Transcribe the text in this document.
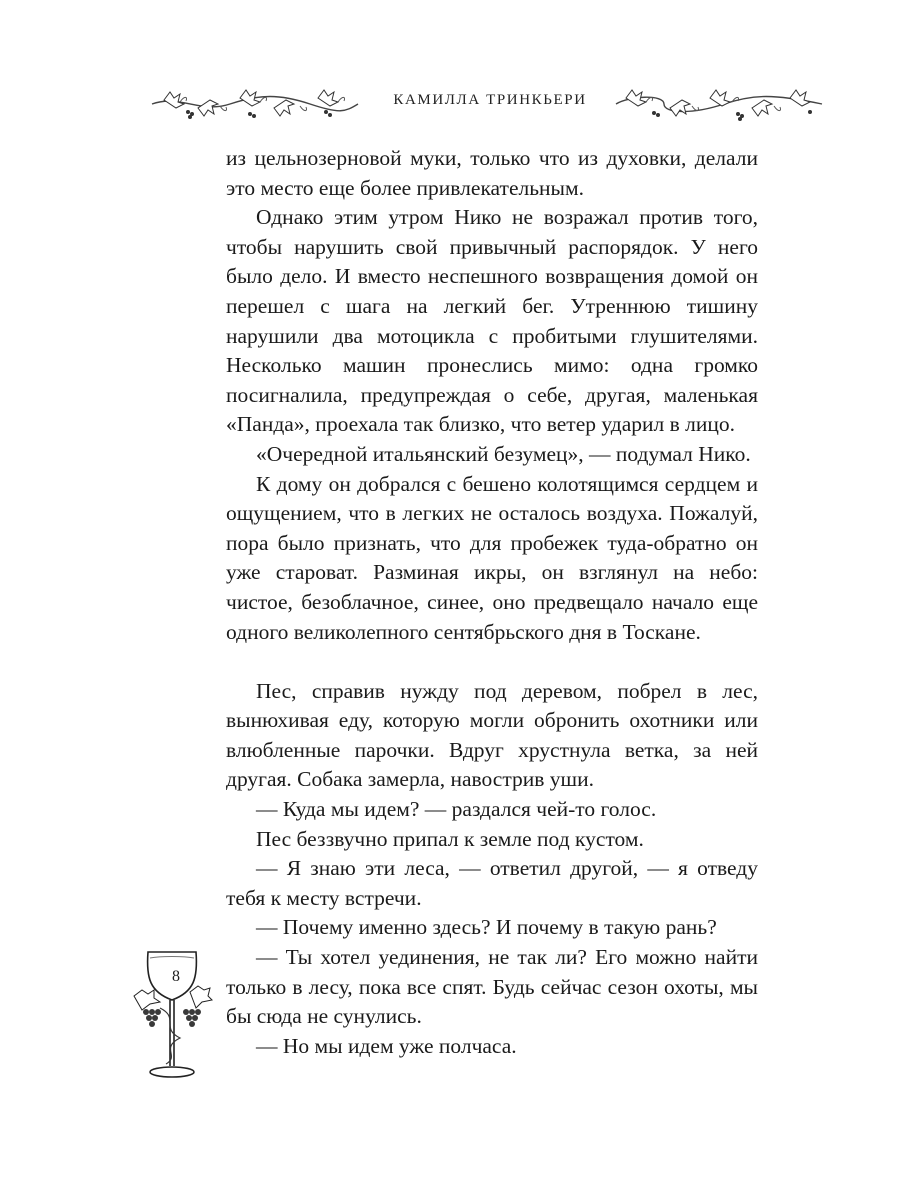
КАМИЛЛА ТРИНКЬЕРИ

из цельнозерновой муки, только что из духовки, делали это место еще более привлекательным.

Однако этим утром Нико не возражал против того, чтобы нарушить свой привычный распорядок. У него было дело. И вместо неспешного возвращения домой он перешел с шага на легкий бег. Утреннюю тишину нарушили два мотоцикла с пробитыми глушителями. Несколько машин пронеслись мимо: одна громко посигналила, предупреждая о себе, другая, маленькая «Панда», проехала так близко, что ветер ударил в лицо.

«Очередной итальянский безумец», — подумал Нико.

К дому он добрался с бешено колотящимся сердцем и ощущением, что в легких не осталось воздуха. Пожалуй, пора было признать, что для пробежек туда-обратно он уже староват. Разминая икры, он взглянул на небо: чистое, безоблачное, синее, оно предвещало начало еще одного великолепного сентябрьского дня в Тоскане.

Пес, справив нужду под деревом, побрел в лес, вынюхивая еду, которую могли обронить охотники или влюбленные парочки. Вдруг хрустнула ветка, за ней другая. Собака замерла, навострив уши.

— Куда мы идем? — раздался чей-то голос.

Пес беззвучно припал к земле под кустом.

— Я знаю эти леса, — ответил другой, — я отведу тебя к месту встречи.

— Почему именно здесь? И почему в такую рань?

— Ты хотел уединения, не так ли? Его можно найти только в лесу, пока все спят. Будь сейчас сезон охоты, мы бы сюда не сунулись.

— Но мы идем уже полчаса.

8
